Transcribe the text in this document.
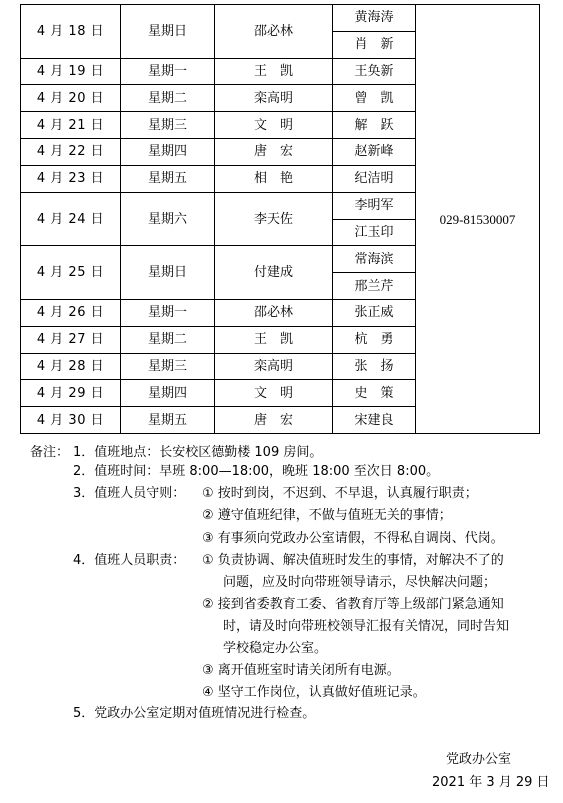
4 月 18 日	星期日	邵必林	黄海涛	029-81530007
			肖　新	
4 月 19 日	星期一	王　凯	王奂新	
4 月 20 日	星期二	栾高明	曾　凯	
4 月 21 日	星期三	文　明	解　跃	
4 月 22 日	星期四	唐　宏	赵新峰	
4 月 23 日	星期五	相　艳	纪洁明	
4 月 24 日	星期六	李天佐	李明军	
			江玉印	
4 月 25 日	星期日	付建成	常海滨	
			邢兰芹	
4 月 26 日	星期一	邵必林	张正威	
4 月 27 日	星期二	王　凯	杭　勇	
4 月 28 日	星期三	栾高明	张　扬	
4 月 29 日	星期四	文　明	史　策	
4 月 30 日	星期五	唐　宏	宋建良	
备注： 1．值班地点：长安校区德勤楼 109 房间。
2．值班时间：早班 8:00—18:00，晚班 18:00 至次日 8:00。
3．值班人员守则： ① 按时到岗，不迟到、不早退，认真履行职责；
② 遵守值班纪律，不做与值班无关的事情；
③ 有事须向党政办公室请假，不得私自调岗、代岗。
4．值班人员职责： ① 负责协调、解决值班时发生的事情，对解决不了的
问题，应及时向带班领导请示，尽快解决问题；
② 接到省委教育工委、省教育厅等上级部门紧急通知
时，请及时向带班校领导汇报有关情况，同时告知
学校稳定办公室。
③ 离开值班室时请关闭所有电源。
④ 坚守工作岗位，认真做好值班记录。
5．党政办公室定期对值班情况进行检查。
党政办公室
2021 年 3 月 29 日
